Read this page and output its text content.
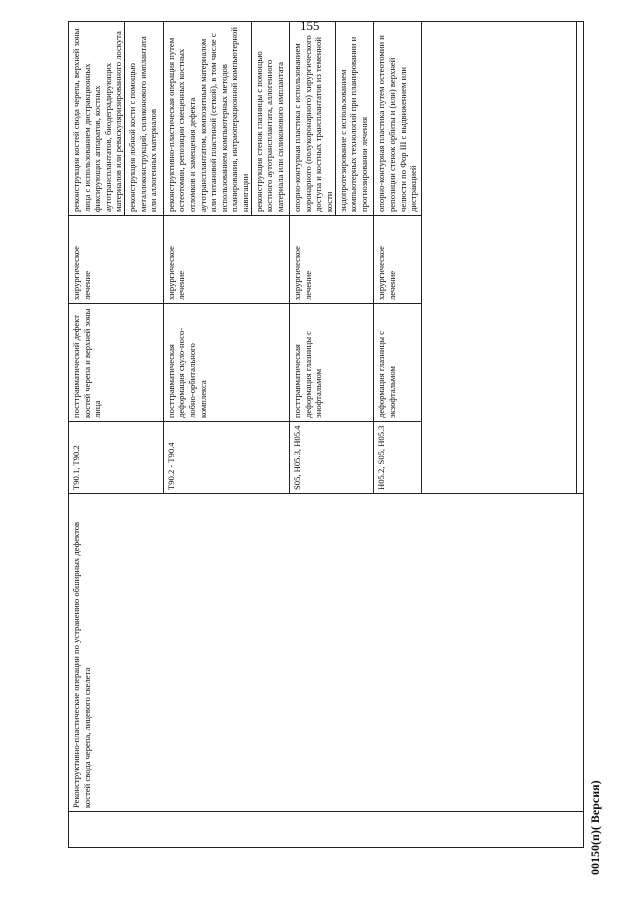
155
	Реконструктивно-пластические операции по устранению обширных дефектов костей свода черепа, лицевого скелета	T90.1, T90.2	посттравматический дефект костей черепа и верхней зоны лица	хирургическое лечение	реконструкция костей свода черепа, верхней зоны лица с использованием дистракционных фиксирующих аппаратов, костных аутотрансплантатов, биодеградирующих материалов или реваскуляризированного лоскута реконструкция лобной кости с помощью металлоконструкций, силиконового имплантата или аллогенных материалов

		T90.2 - T90.4	посттравматическая деформация скуло-носо-лобно-орбитального комплекса	хирургическое лечение	реконструктивно-пластическая операция путем остеотомии, репозиции смещенных костных отломков и замещения дефекта аутотрансплантатом, композитным материалом или титановой пластиной (сеткой), в том числе с использованием компьютерных методов планирования, интраоперационной компьютерной навигации реконструкция стенок глазницы с помощью костного аутотрансплантата, аллогенного материала или силиконового имплантата

		S05, H05.3, H05.4	посттравматическая деформация глазницы с энофтальмом	хирургическое лечение	опорно-контурная пластика с использованием коронарного (полукоронарного) хирургического доступа и костных трансплантатов из теменной кости эндопротезирование с использованием компьютерных технологий при планировании и прогнозировании лечения

		H05.2, S05, H05.3	деформация глазницы с экзофтальмом	хирургическое лечение	опорно-контурная пластика путем остеотомии и репозиции стенок орбиты и (или) верхней челюсти по Фор III с выдвижением или дистракцией

00150(п)( Версия)
